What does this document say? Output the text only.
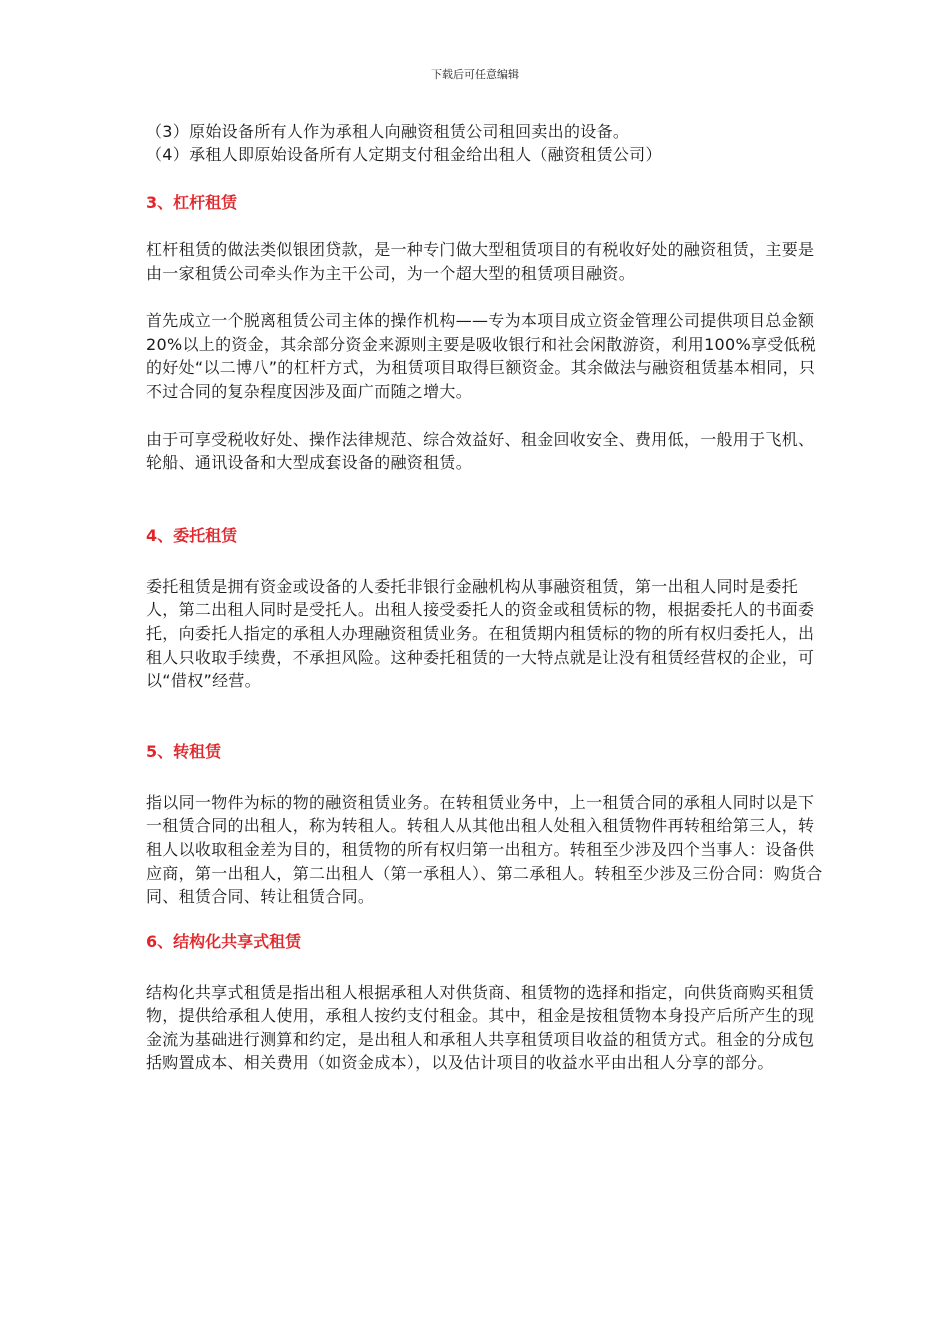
下载后可任意编辑

（3）原始设备所有人作为承租人向融资租赁公司租回卖出的设备。

（4）承租人即原始设备所有人定期支付租金给出租人（融资租赁公司）

3、杠杆租赁

杠杆租赁的做法类似银团贷款，是一种专门做大型租赁项目的有税收好处的融资租赁，主要是由一家租赁公司牵头作为主干公司，为一个超大型的租赁项目融资。

首先成立一个脱离租赁公司主体的操作机构——专为本项目成立资金管理公司提供项目总金额20%以上的资金，其余部分资金来源则主要是吸收银行和社会闲散游资，利用100%享受低税的好处“以二博八”的杠杆方式，为租赁项目取得巨额资金。其余做法与融资租赁基本相同，只不过合同的复杂程度因涉及面广而随之增大。

由于可享受税收好处、操作法律规范、综合效益好、租金回收安全、费用低，一般用于飞机、轮船、通讯设备和大型成套设备的融资租赁。

4、委托租赁

委托租赁是拥有资金或设备的人委托非银行金融机构从事融资租赁，第一出租人同时是委托人，第二出租人同时是受托人。出租人接受委托人的资金或租赁标的物，根据委托人的书面委托，向委托人指定的承租人办理融资租赁业务。在租赁期内租赁标的物的所有权归委托人，出租人只收取手续费，不承担风险。这种委托租赁的一大特点就是让没有租赁经营权的企业，可以“借权”经营。

5、转租赁

指以同一物件为标的物的融资租赁业务。在转租赁业务中，上一租赁合同的承租人同时以是下一租赁合同的出租人，称为转租人。转租人从其他出租人处租入租赁物件再转租给第三人，转租人以收取租金差为目的，租赁物的所有权归第一出租方。转租至少涉及四个当事人：设备供应商，第一出租人，第二出租人（第一承租人）、第二承租人。转租至少涉及三份合同：购货合同、租赁合同、转让租赁合同。

6、结构化共享式租赁

结构化共享式租赁是指出租人根据承租人对供货商、租赁物的选择和指定，向供货商购买租赁物，提供给承租人使用，承租人按约支付租金。其中，租金是按租赁物本身投产后所产生的现金流为基础进行测算和约定，是出租人和承租人共享租赁项目收益的租赁方式。租金的分成包括购置成本、相关费用（如资金成本），以及估计项目的收益水平由出租人分享的部分。
